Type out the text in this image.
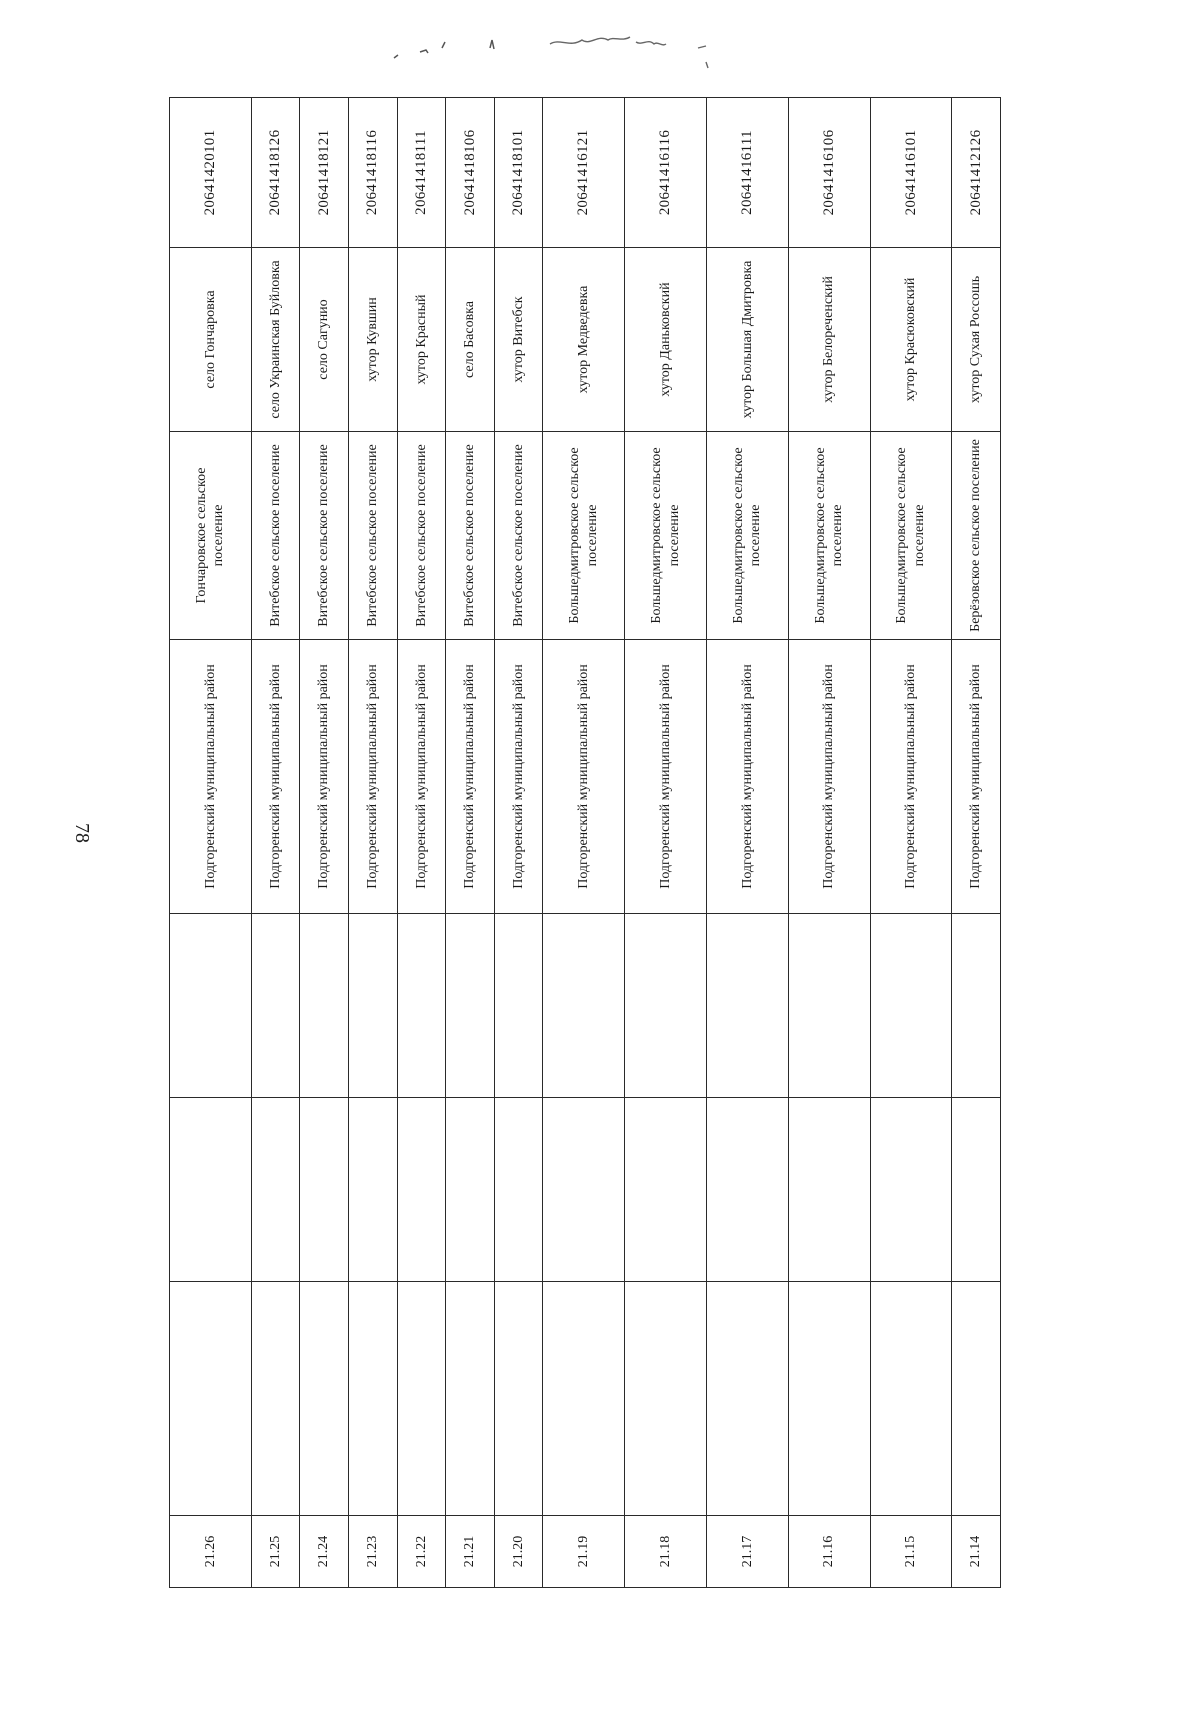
78
21.26				Подгоренский муниципальный район	Гончаровское сельское поселение	село Гончаровка	20641420101
21.25				Подгоренский муниципальный район	Витебское сельское поселение	село Украинская Буйловка	20641418126
21.24				Подгоренский муниципальный район	Витебское сельское поселение	село Сагунио	20641418121
21.23				Подгоренский муниципальный район	Витебское сельское поселение	хутор Кувшин	20641418116
21.22				Подгоренский муниципальный район	Витебское сельское поселение	хутор Красный	20641418111
21.21				Подгоренский муниципальный район	Витебское сельское поселение	село Басовка	20641418106
21.20				Подгоренский муниципальный район	Витебское сельское поселение	хутор Витебск	20641418101
21.19				Подгоренский муниципальный район	Большедмитровское сельское поселение	хутор Медведевка	20641416121
21.18				Подгоренский муниципальный район	Большедмитровское сельское поселение	хутор Даньковский	20641416116
21.17				Подгоренский муниципальный район	Большедмитровское сельское поселение	хутор Большая Дмитровка	20641416111
21.16				Подгоренский муниципальный район	Большедмитровское сельское поселение	хутор Белореченский	20641416106
21.15				Подгоренский муниципальный район	Большедмитровское сельское поселение	хутор Красюковский	20641416101
21.14				Подгоренский муниципальный район	Берёзовское сельское поселение	хутор Сухая Россошь	20641412126
